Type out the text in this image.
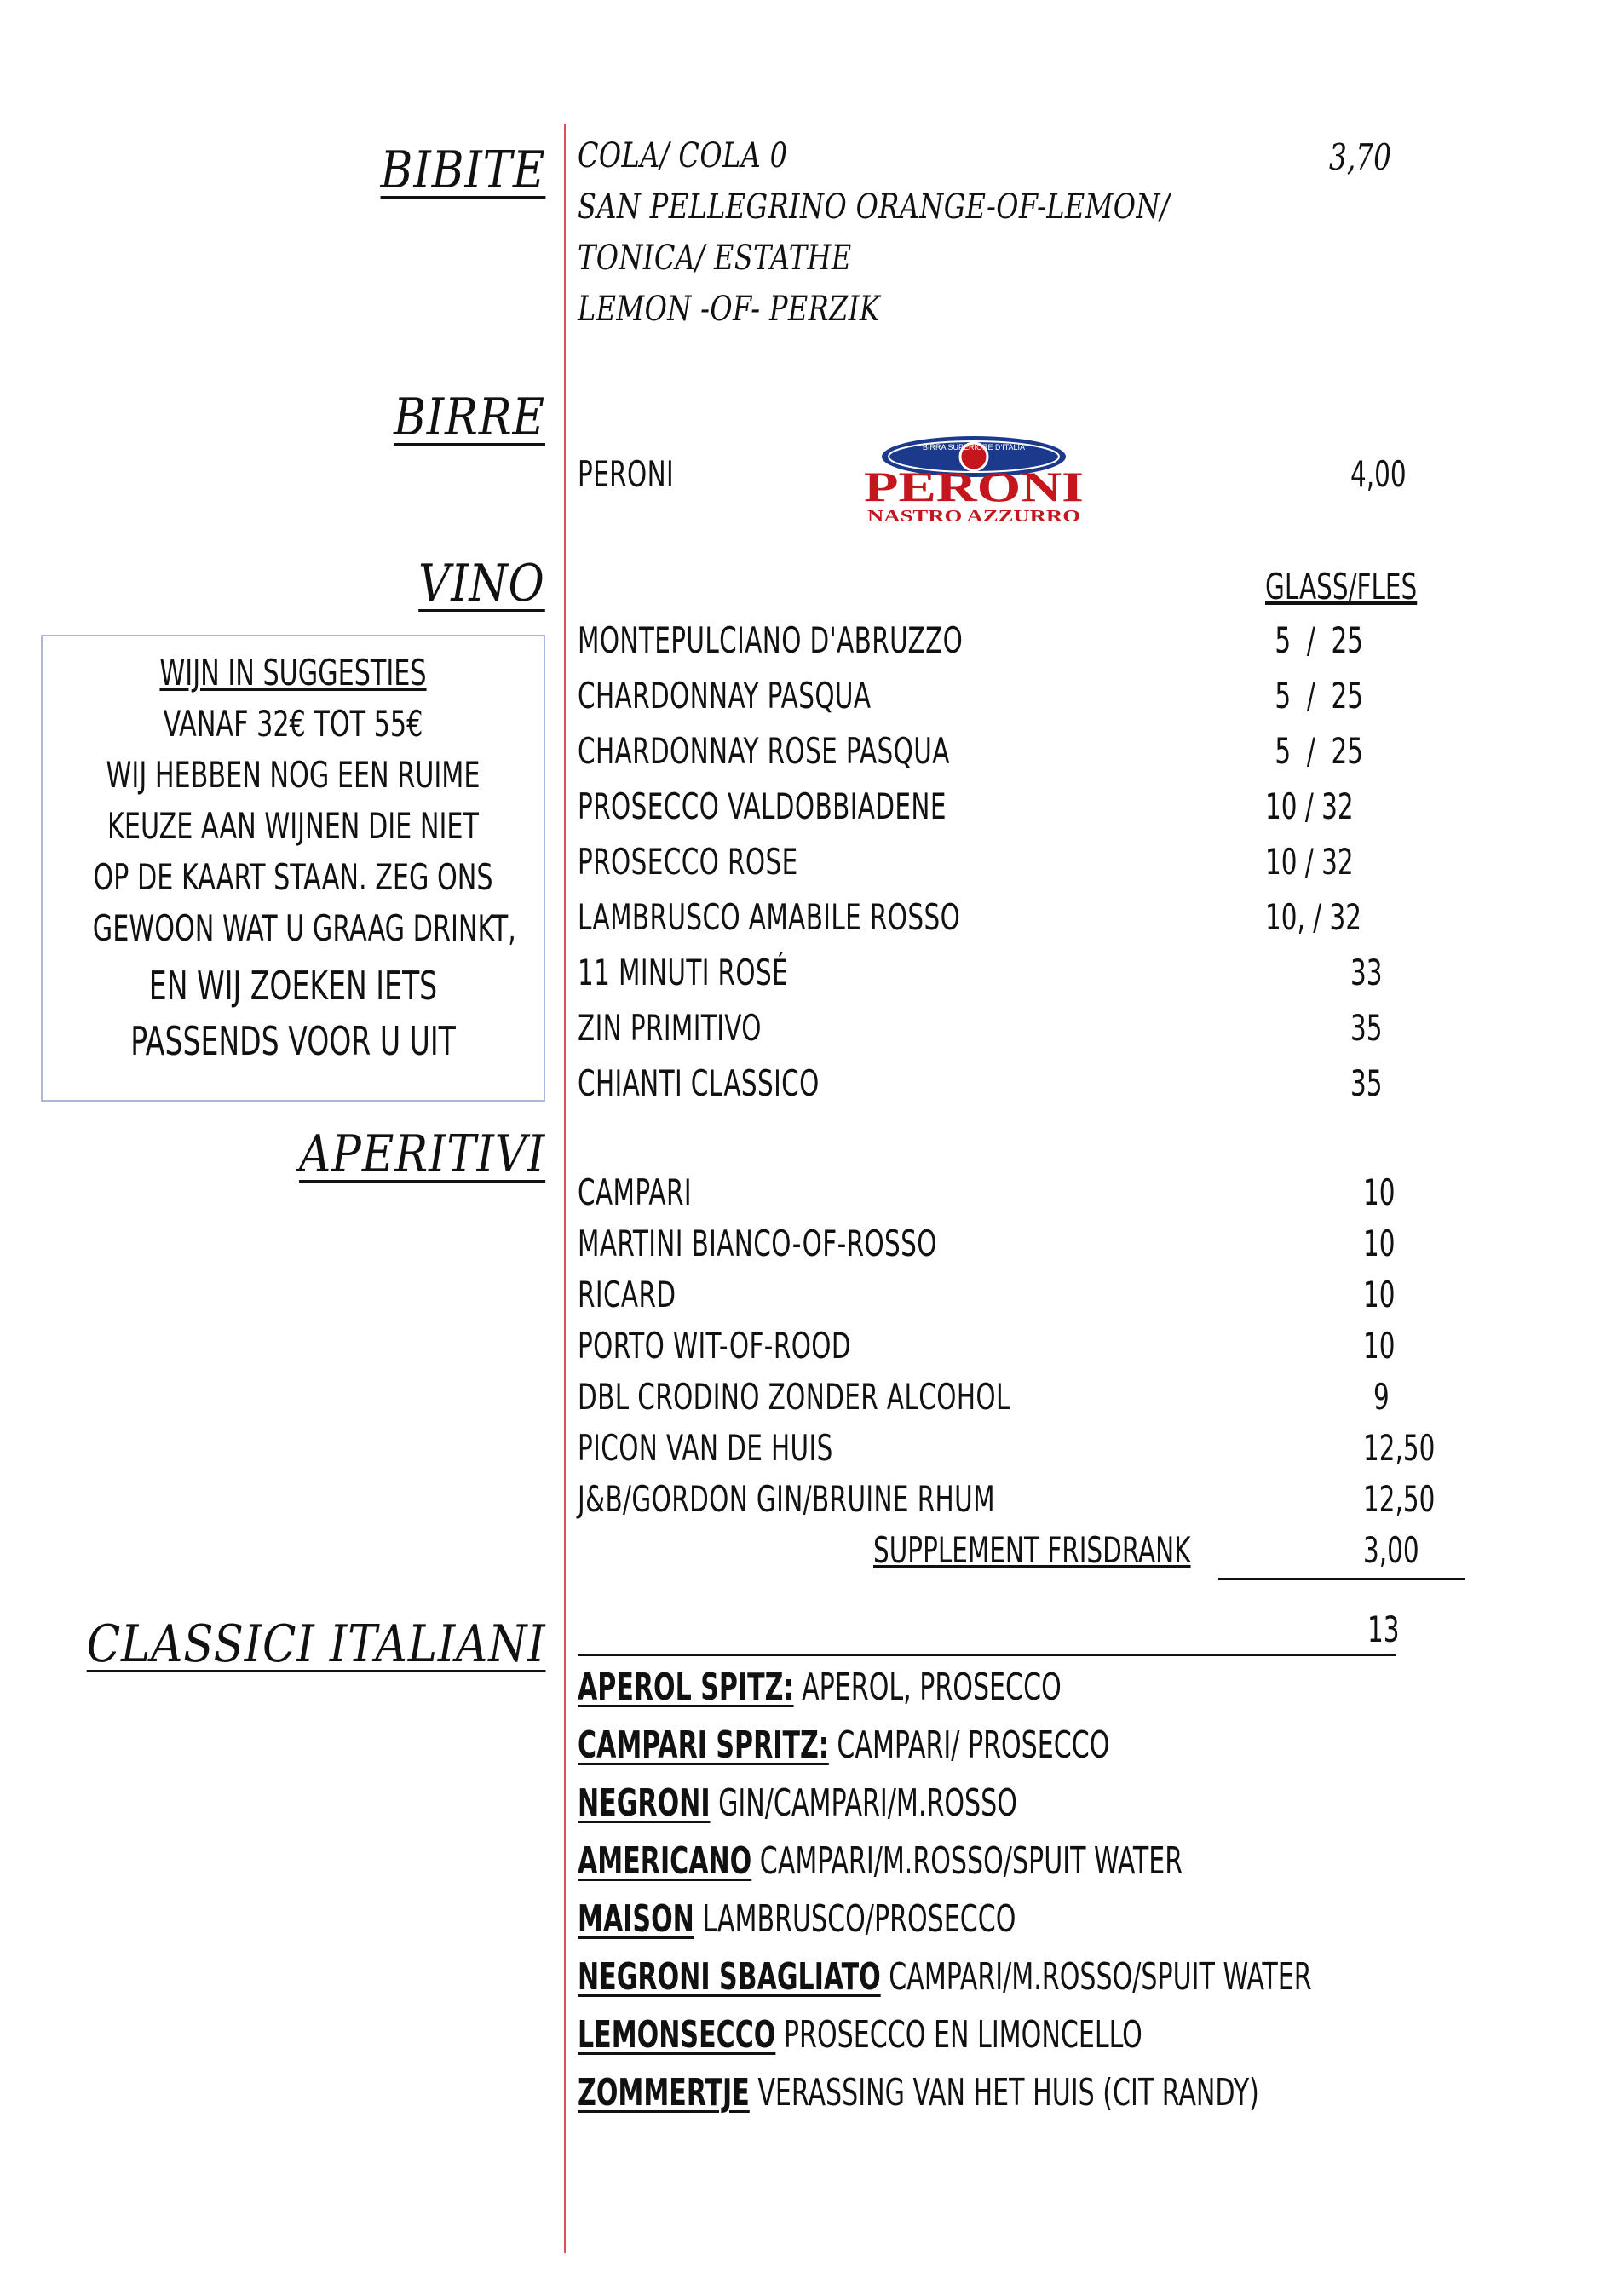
BIBITE
BIRRE
VINO
APERITIVI
CLASSICI ITALIANI
COLA/ COLA 0
SAN PELLEGRINO ORANGE-OF-LEMON/
TONICA/ ESTATHE
LEMON -OF- PERZIK
3,70
PERONI
BIRRA SUPERIORE D'ITALIA
PERONI
NASTRO AZZURRO
4,00
GLASS/FLES
MONTEPULCIANO D'ABRUZZO	5  /  25
CHARDONNAY PASQUA	5  /  25
CHARDONNAY ROSE PASQUA	5  /  25
PROSECCO VALDOBBIADENE	10 / 32
PROSECCO ROSE	10 / 32
LAMBRUSCO AMABILE ROSSO	10, / 32
11 MINUTI ROSÉ	33
ZIN PRIMITIVO	35
CHIANTI CLASSICO	35
WIJN IN SUGGESTIES
VANAF 32€ TOT 55€
WIJ HEBBEN NOG EEN RUIME
KEUZE AAN WIJNEN DIE NIET
OP DE KAART STAAN. ZEG ONS
GEWOON WAT U GRAAG DRINKT,
EN WIJ ZOEKEN IETS
PASSENDS VOOR U UIT
CAMPARI	10
MARTINI BIANCO-OF-ROSSO	10
RICARD	10
PORTO WIT-OF-ROOD	10
DBL CRODINO ZONDER ALCOHOL	9
PICON VAN DE HUIS	12,50
J&B/GORDON GIN/BRUINE RHUM	12,50
SUPPLEMENT FRISDRANK	3,00
13
APEROL SPITZ: APEROL, PROSECCO
CAMPARI SPRITZ: CAMPARI/ PROSECCO
NEGRONI GIN/CAMPARI/M.ROSSO
AMERICANO CAMPARI/M.ROSSO/SPUIT WATER
MAISON LAMBRUSCO/PROSECCO
NEGRONI SBAGLIATO CAMPARI/M.ROSSO/SPUIT WATER
LEMONSECCO PROSECCO EN LIMONCELLO
ZOMMERTJE VERASSING VAN HET HUIS (CIT RANDY)
